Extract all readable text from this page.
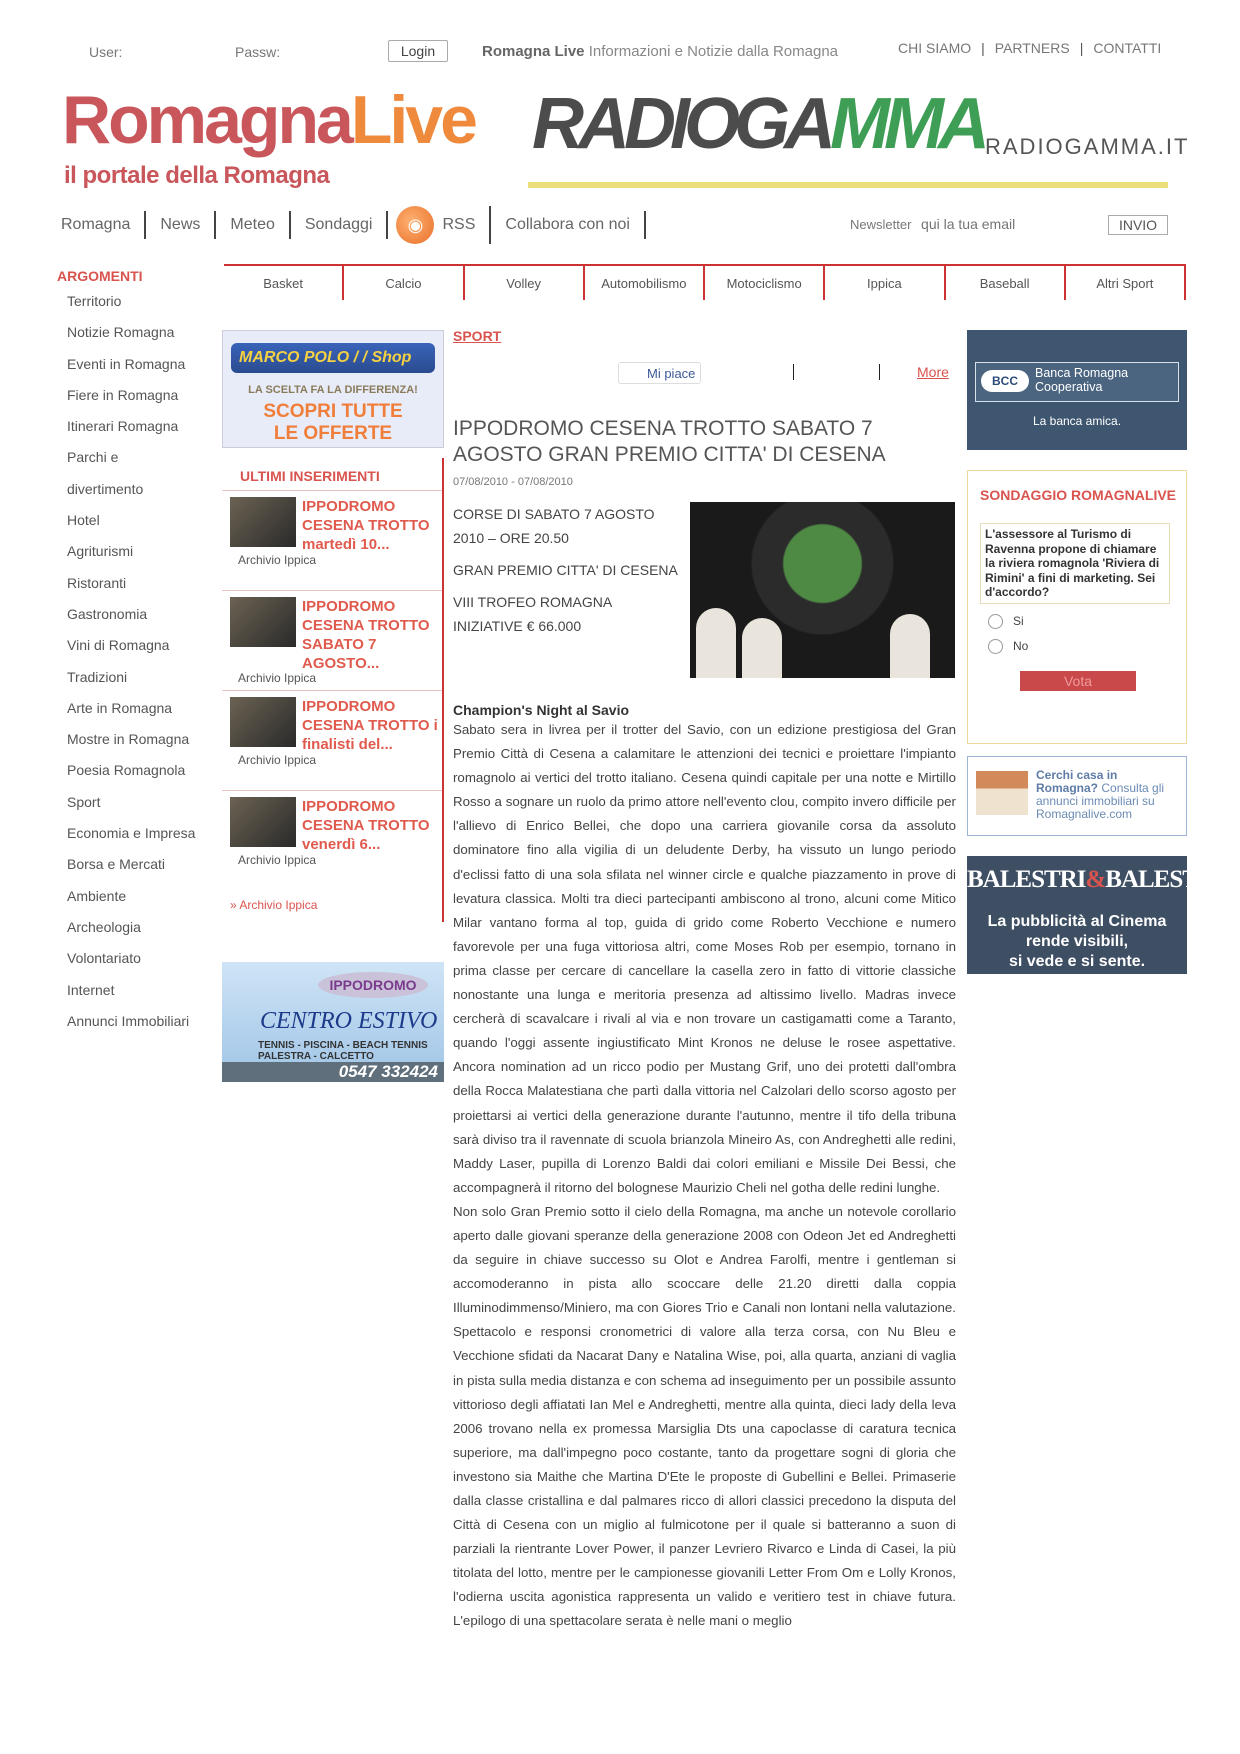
User:	Passw:	Login	Romagna Live Informazioni e Notizie dalla Romagna	CHI SIAMO | PARTNERS | CONTATTI
RomagnaLive
il portale della Romagna
RADIOGAMMA RADIOGAMMA.IT
Romagna	News	Meteo	Sondaggi	◉	RSS	Collabora con noi	Newsletter qui la tua email	INVIO
ARGOMENTI
Territorio
Notizie Romagna
Eventi in Romagna
Fiere in Romagna
Itinerari Romagna
Parchi e
divertimento
Hotel
Agriturismi
Ristoranti
Gastronomia
Vini di Romagna
Tradizioni
Arte in Romagna
Mostre in Romagna
Poesia Romagnola
Sport
Economia e Impresa
Borsa e Mercati
Ambiente
Archeologia
Volontariato
Internet
Annunci Immobiliari
Basket	Calcio	Volley	Automobilismo	Motociclismo	Ippica	Baseball	Altri Sport
MARCO POLO / / Shop
LA SCELTA FA LA DIFFERENZA!
SCOPRI TUTTE
LE OFFERTE
ULTIMI INSERIMENTI
IPPODROMO CESENA TROTTO martedì 10...
Archivio Ippica
IPPODROMO CESENA TROTTO SABATO 7 AGOSTO...
Archivio Ippica
IPPODROMO CESENA TROTTO i finalisti del...
Archivio Ippica
IPPODROMO CESENA TROTTO venerdì 6...
Archivio Ippica
» Archivio Ippica
IPPODROMO
CENTRO ESTIVO
TENNIS - PISCINA - BEACH TENNIS
PALESTRA - CALCETTO
0547 332424
SPORT
Mi piace	More
IPPODROMO CESENA TROTTO SABATO 7 AGOSTO GRAN PREMIO CITTA' DI CESENA
07/08/2010 - 07/08/2010

CORSE DI SABATO 7 AGOSTO 2010 – ORE 20.50

GRAN PREMIO CITTA' DI CESENA

VIII TROFEO ROMAGNA INIZIATIVE € 66.000

Champion's Night al Savio

Sabato sera in livrea per il trotter del Savio, con un edizione prestigiosa del Gran Premio Città di Cesena a calamitare le attenzioni dei tecnici e proiettare l'impianto romagnolo ai vertici del trotto italiano. Cesena quindi capitale per una notte e Mirtillo Rosso a sognare un ruolo da primo attore nell'evento clou, compito invero difficile per l'allievo di Enrico Bellei, che dopo una carriera giovanile corsa da assoluto dominatore fino alla vigilia di un deludente Derby, ha vissuto un lungo periodo d'eclissi fatto di una sola sfilata nel winner circle e qualche piazzamento in prove di levatura classica. Molti tra dieci partecipanti ambiscono al trono, alcuni come Mitico Milar vantano forma al top, guida di grido come Roberto Vecchione e numero favorevole per una fuga vittoriosa altri, come Moses Rob per esempio, tornano in prima classe per cercare di cancellare la casella zero in fatto di vittorie classiche nonostante una lunga e meritoria presenza ad altissimo livello. Madras invece cercherà di scavalcare i rivali al via e non trovare un castigamatti come a Taranto, quando l'oggi assente ingiustificato Mint Kronos ne deluse le rosee aspettative. Ancora nomination ad un ricco podio per Mustang Grif, uno dei protetti dall'ombra della Rocca Malatestiana che partì dalla vittoria nel Calzolari dello scorso agosto per proiettarsi ai vertici della generazione durante l'autunno, mentre il tifo della tribuna sarà diviso tra il ravennate di scuola brianzola Mineiro As, con Andreghetti alle redini, Maddy Laser, pupilla di Lorenzo Baldi dai colori emiliani e Missile Dei Bessi, che accompagnerà il ritorno del bolognese Maurizio Cheli nel gotha delle redini lunghe.

Non solo Gran Premio sotto il cielo della Romagna, ma anche un notevole corollario aperto dalle giovani speranze della generazione 2008 con Odeon Jet ed Andreghetti da seguire in chiave successo su Olot e Andrea Farolfi, mentre i gentleman si accomoderanno in pista allo scoccare delle 21.20 diretti dalla coppia Illuminodimmenso/Miniero, ma con Giores Trio e Canali non lontani nella valutazione. Spettacolo e responsi cronometrici di valore alla terza corsa, con Nu Bleu e Vecchione sfidati da Nacarat Dany e Natalina Wise, poi, alla quarta, anziani di vaglia in pista sulla media distanza e con schema ad inseguimento per un possibile assunto vittorioso degli affiatati Ian Mel e Andreghetti, mentre alla quinta, dieci lady della leva 2006 trovano nella ex promessa Marsiglia Dts una capoclasse di caratura tecnica superiore, ma dall'impegno poco costante, tanto da progettare sogni di gloria che investono sia Maithe che Martina D'Ete le proposte di Gubellini e Bellei. Primaserie dalla classe cristallina e dal palmares ricco di allori classici precedono la disputa del Città di Cesena con un miglio al fulmicotone per il quale si batteranno a suon di parziali la rientrante Lover Power, il panzer Levriero Rivarco e Linda di Casei, la più titolata del lotto, mentre per le campionesse giovanili Letter From Om e Lolly Kronos, l'odierna uscita agonistica rappresenta un valido e veritiero test in chiave futura. L'epilogo di una spettacolare serata è nelle mani o meglio

BCC
Banca Romagna Cooperativa
La banca amica.
SONDAGGIO ROMAGNALIVE
L'assessore al Turismo di Ravenna propone di chiamare la riviera romagnola 'Riviera di Rimini' a fini di marketing. Sei d'accordo?
Si
No
Vota
Cerchi casa in Romagna? Consulta gli annunci immobiliari su Romagnalive.com
BALESTRI&BALESTRI
La pubblicità al Cinema
rende visibili,
si vede e si sente.
